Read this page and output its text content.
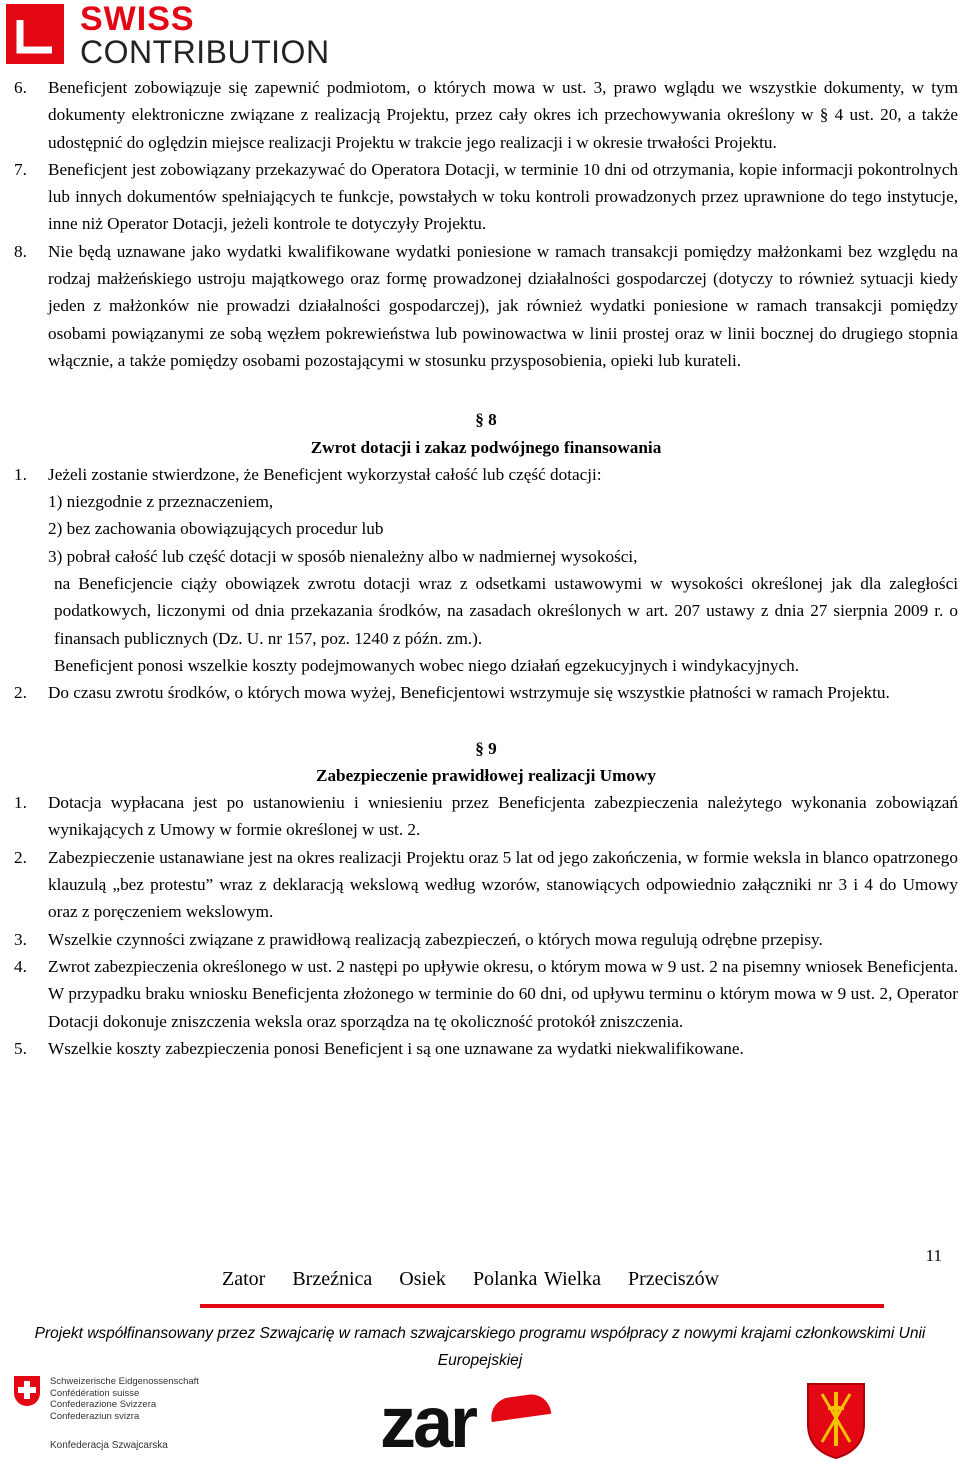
SWISS
CONTRIBUTION
6. Beneficjent zobowiązuje się zapewnić podmiotom, o których mowa w ust. 3, prawo wglądu we wszystkie dokumenty, w tym dokumenty elektroniczne związane z realizacją Projektu, przez cały okres ich przechowywania określony w § 4 ust. 20, a także udostępnić do oględzin miejsce realizacji Projektu w trakcie jego realizacji i w okresie trwałości Projektu.
7. Beneficjent jest zobowiązany przekazywać do Operatora Dotacji, w terminie 10 dni od otrzymania, kopie informacji pokontrolnych lub innych dokumentów spełniających te funkcje, powstałych w toku kontroli prowadzonych przez uprawnione do tego instytucje, inne niż Operator Dotacji, jeżeli kontrole te dotyczyły Projektu.
8. Nie będą uznawane jako wydatki kwalifikowane wydatki poniesione w ramach transakcji pomiędzy małżonkami bez względu na rodzaj małżeńskiego ustroju majątkowego oraz formę prowadzonej działalności gospodarczej (dotyczy to również sytuacji kiedy jeden z małżonków nie prowadzi działalności gospodarczej), jak również wydatki poniesione w ramach transakcji pomiędzy osobami powiązanymi ze sobą węzłem pokrewieństwa lub powinowactwa w linii prostej oraz w linii bocznej do drugiego stopnia włącznie, a także pomiędzy osobami pozostającymi w stosunku przysposobienia, opieki lub kurateli.

§ 8

Zwrot dotacji i zakaz podwójnego finansowania

1. Jeżeli zostanie stwierdzone, że Beneficjent wykorzystał całość lub część dotacji:
1) niezgodnie z przeznaczeniem,
2) bez zachowania obowiązujących procedur lub
3) pobrał całość lub część dotacji w sposób nienależny albo w nadmiernej wysokości,
na Beneficjencie ciąży obowiązek zwrotu dotacji wraz z odsetkami ustawowymi w wysokości określonej jak dla zaległości podatkowych, liczonymi od dnia przekazania środków, na zasadach określonych w art. 207 ustawy z dnia 27 sierpnia 2009 r. o finansach publicznych (Dz. U. nr 157, poz. 1240 z późn. zm.).
Beneficjent ponosi wszelkie koszty podejmowanych wobec niego działań egzekucyjnych i windykacyjnych.
2. Do czasu zwrotu środków, o których mowa wyżej, Beneficjentowi wstrzymuje się wszystkie płatności w ramach Projektu.

§ 9

Zabezpieczenie prawidłowej realizacji Umowy

1. Dotacja wypłacana jest po ustanowieniu i wniesieniu przez Beneficjenta zabezpieczenia należytego wykonania zobowiązań wynikających z Umowy w formie określonej w ust. 2.
2. Zabezpieczenie ustanawiane jest na okres realizacji Projektu oraz 5 lat od jego zakończenia, w formie weksla in blanco opatrzonego klauzulą „bez protestu” wraz z deklaracją wekslową według wzorów, stanowiących odpowiednio załączniki nr 3 i 4 do Umowy oraz z poręczeniem wekslowym.
3. Wszelkie czynności związane z prawidłową realizacją zabezpieczeń, o których mowa regulują odrębne przepisy.
4. Zwrot zabezpieczenia określonego w ust. 2 następi po upływie okresu, o którym mowa w 9 ust. 2 na pisemny wniosek Beneficjenta. W przypadku braku wniosku Beneficjenta złożonego w terminie do 60 dni, od upływu terminu o którym mowa w 9 ust. 2, Operator Dotacji dokonuje zniszczenia weksla oraz sporządza na tę okoliczność protokół zniszczenia.
5. Wszelkie koszty zabezpieczenia ponosi Beneficjent i są one uznawane za wydatki niekwalifikowane.
11
Zator Brzeźnica Osiek Polanka Wielka Przeciszów
Projekt współfinansowany przez Szwajcarię w ramach szwajcarskiego programu współpracy z nowymi krajami członkowskimi Unii Europejskiej
Schweizerische Eidgenossenschaft
Confédération suisse
Confederazione Svizzera
Confederaziun svizra
Konfederacja Szwajcarska	zar
